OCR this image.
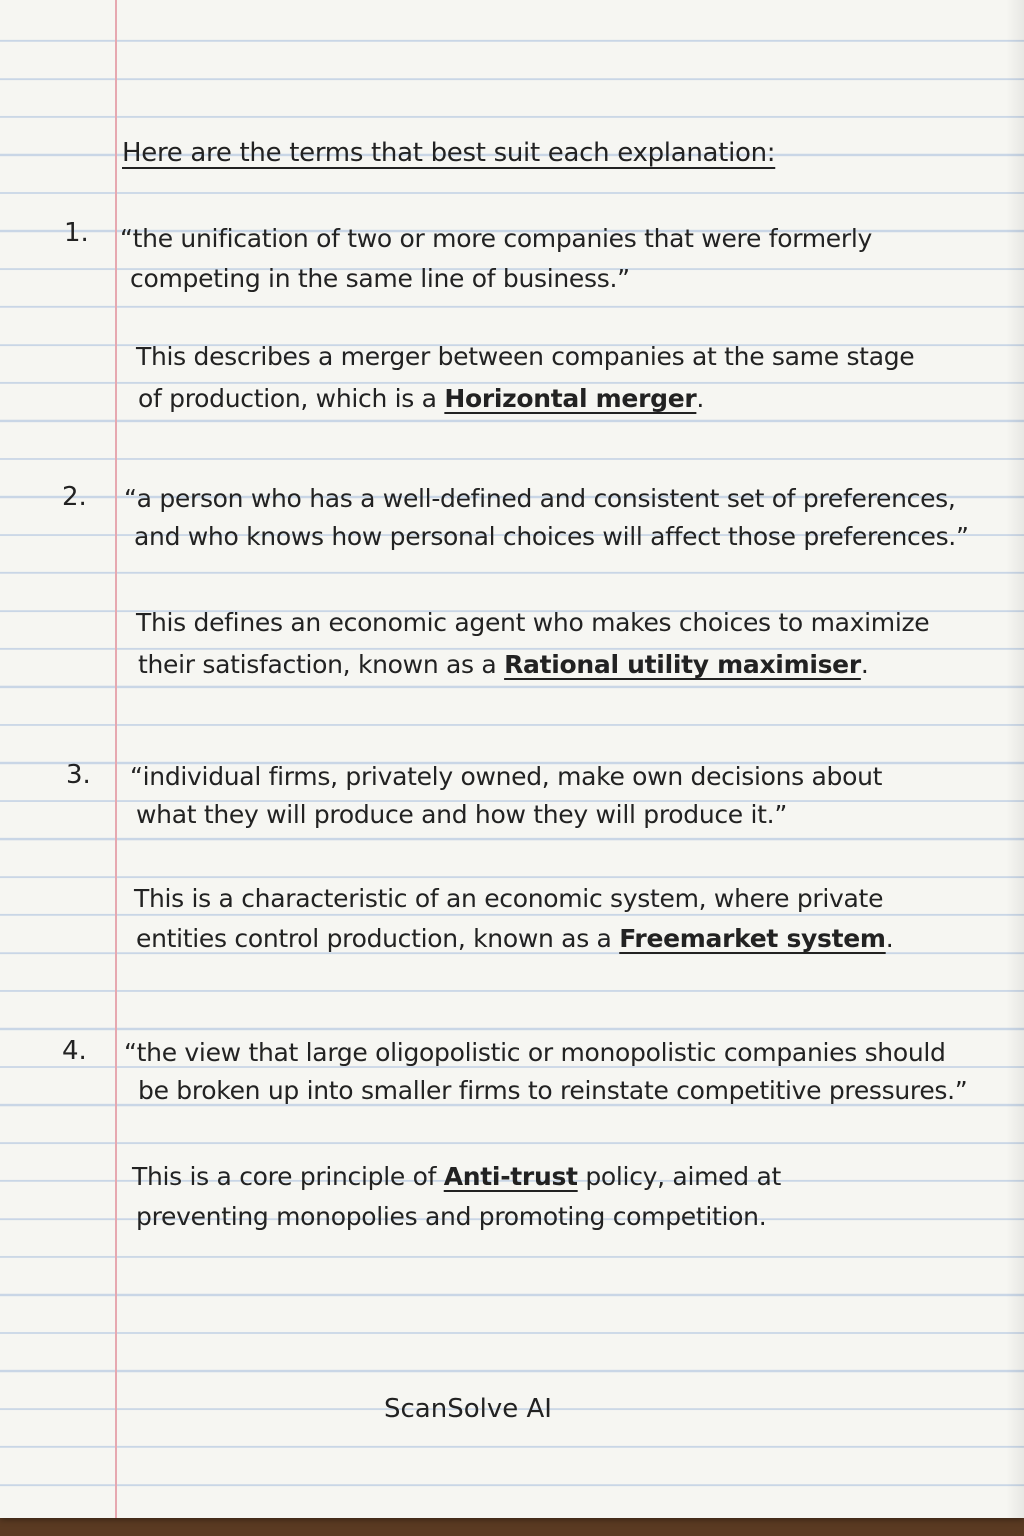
Here are the terms that best suit each explanation:
1. “the unification of two or more companies that were formerly
competing in the same line of business.”
This describes a merger between companies at the same stage
of production, which is a Horizontal merger.
2. “a person who has a well-defined and consistent set of preferences,
and who knows how personal choices will affect those preferences.”
This defines an economic agent who makes choices to maximize
their satisfaction, known as a Rational utility maximiser.
3. “individual firms, privately owned, make own decisions about
what they will produce and how they will produce it.”
This is a characteristic of an economic system, where private
entities control production, known as a Freemarket system.
4. “the view that large oligopolistic or monopolistic companies should
be broken up into smaller firms to reinstate competitive pressures.”
This is a core principle of Anti-trust policy, aimed at
preventing monopolies and promoting competition.
ScanSolve AI
